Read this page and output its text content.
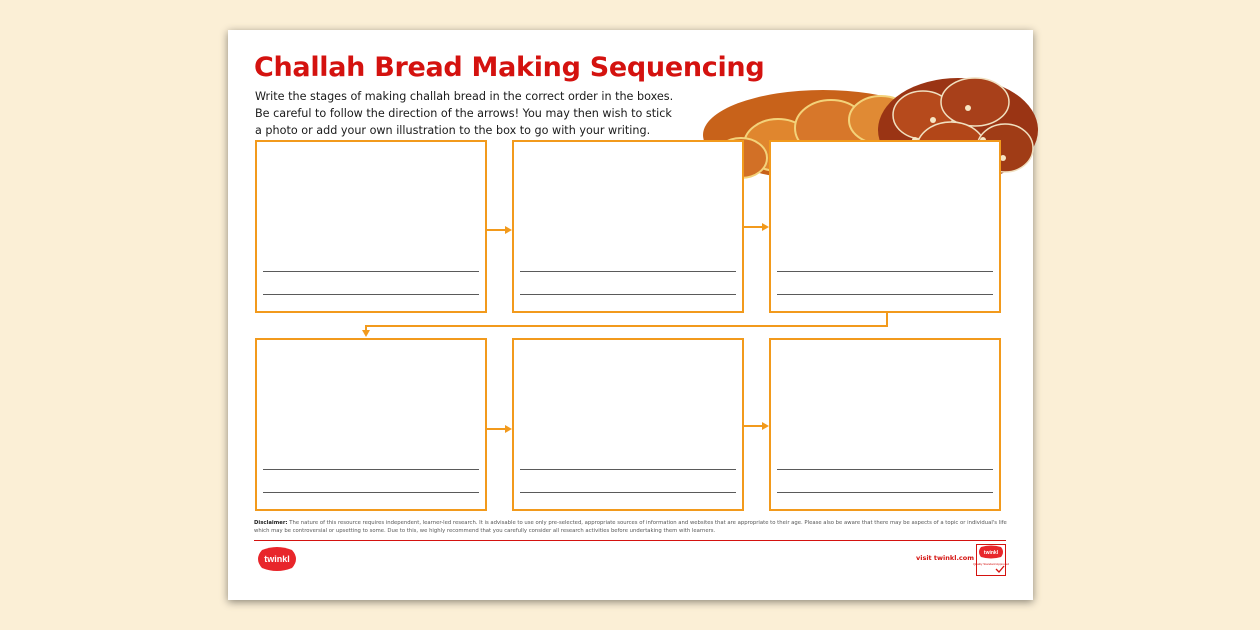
Challah Bread Making Sequencing
Write the stages of making challah bread in the correct order in the boxes. Be careful to follow the direction of the arrows! You may then wish to stick a photo or add your own illustration to the box to go with your writing.
Disclaimer: The nature of this resource requires independent, learner-led research. It is advisable to use only pre-selected, appropriate sources of information and websites that are appropriate to their age. Please also be aware that there may be aspects of a topic or individual's life which may be controversial or upsetting to some. Due to this, we highly recommend that you carefully consider all research activities before undertaking them with learners.
twinkl	visit twinkl.com
twinkl
Quality Standard Approved
